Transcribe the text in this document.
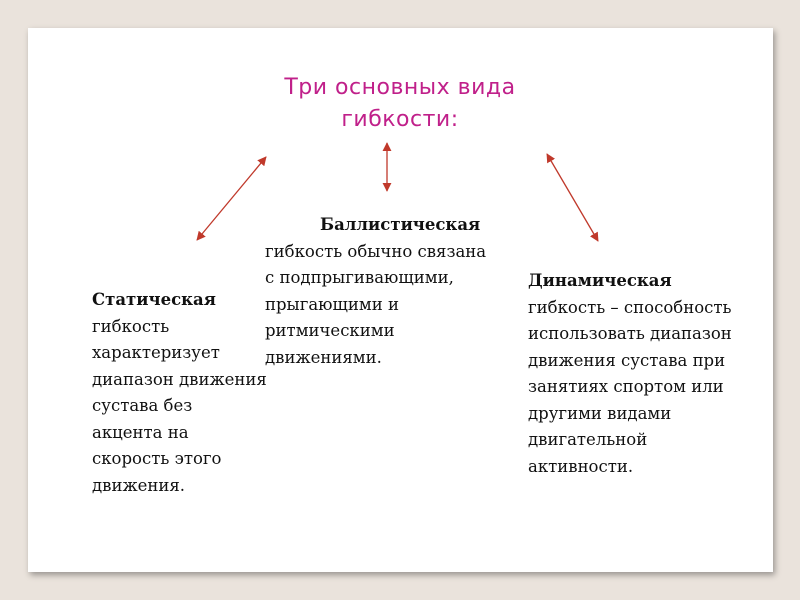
Три основных вида
гибкости:
Статическая гибкость характеризует диапазон движения сустава без акцента на скорость этого движения.
Баллистическая
гибкость обычно связана с подпрыгивающими, прыгающими и ритмическими движениями.
Динамическая гибкость – способность использовать диапазон движения сустава при занятиях спортом или другими видами двигательной активности.
